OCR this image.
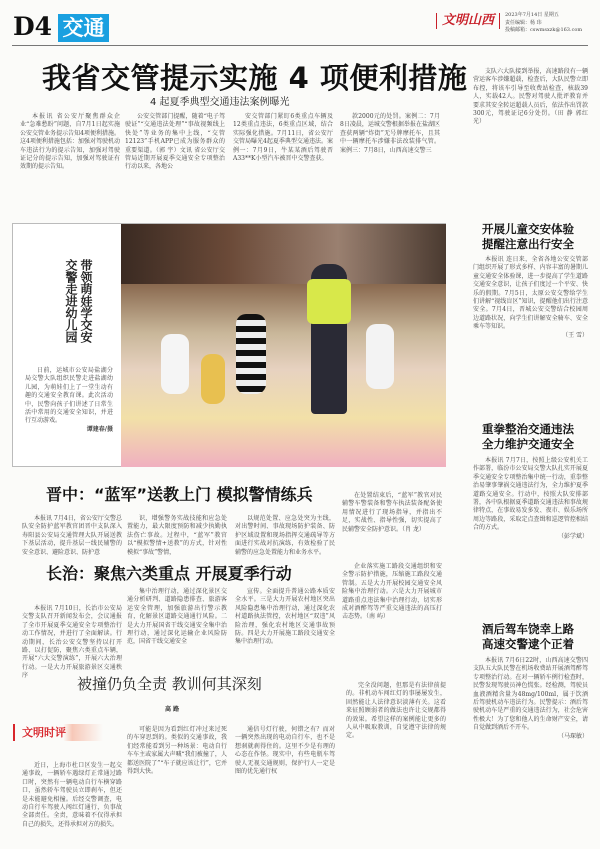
D4 交通	文明山西	2023年7月14日 星期五
责任编辑：杨 玮
投稿邮箱：cswmsxzk@163.com
我省交管提示实施 4 项便利措施
4 起夏季典型交通违法案例曝光

本报讯 省公安厅聚焦群众企业“急难愁盼”问题，自7月1日起实施公安交管业务提示告知4项便利措施。这4项便利措施包括：加强对驾驶机动车违法行为的提示告知，加强对驾驶证记分的提示告知，加强对驾驶证有效期的提示告知。

公安交管部门提醒，随着“电子驾驶证”“交通违法处理”“事故视频线上快处”等业务的集中上线，“交管12123”手机APP已成为服务群众的重要渠道。（郭 宇）文讯 省公安厅交管局近期开展夏季交通安全专项整治行动以来，各地公

安交管部门紧盯6类重点车辆及12类重点违法，6类重点区域，结合实际强化措施。7月11日，省公安厅交管局曝光4起夏季典型交通违法。案例一：7月9日，牛某某酒后驾驶晋A33**K小型汽车被晋中交警查获。

款2000元的处罚。案例二：7月8日凌晨，运城交警根据举报在盐湖区查获两辆“炸街”无号牌摩托车，且其中一辆摩托车涉嫌非法改装排气管。案例三：7月8日，山西高速交警三

支队六大队接到举报，高速路段有一辆营运客车涉嫌超载，检查后，大队民警立即布控，将该车引导至收费站检查，核载39人，实载42人。民警对驾驶人批评教育并要求其安全转运超载人员后，依法作出罚款300元，驾驶证记6分处罚。（田 静 郭红光）

带领萌娃学交安 交警走进幼儿园

日前，运城市公安局盐湖分局交警大队组织民警走进盐湖幼儿园，为萌娃们上了一堂生动有趣的交通安全教育课。此次活动中，民警向孩子们讲述了日常生活中常用的交通安全知识，并进行互动游戏。

谭建春/摄
开展儿童交安体验 提醒注意出行安全

本报讯 连日来，全省各地公安交管部门组织开展了形式多样、内容丰富的暑期儿童交通安全体验课，进一步提高了学生道路交通安全意识，让孩子们度过一个平安、快乐的假期。7月5日，太原公安交警给学生们讲解“视线盲区”知识，提醒他们出行注意安全。7月4日，晋城公安交警结合校园周边道路状况，向学生们讲解安全骑车、安全乘车等知识。

（王 雪）
重拳整治交通违法 全力维护交通安全

本报讯 7月7日，按照上级公安机关工作部署，临汾市公安局交警大队扎实开展夏季交通安全专项整治集中统一行动，重拳整治易肇事肇祸交通违法行为，全力维护夏季道路交通安全。行动中，按照大队安排部署，各中队根据夏季道路交通违法和事故规律特点，在事故易发多发、夜市、娱乐场所周边等路段，采取定点查缉和巡逻管控相结合的方式。

（彭学斌）
酒后驾车饶幸上路 高速交警逮个正着

本报讯 7月6日22时，山西高速交警四支队五大队民警在机场收费站开展酒驾醉驾专项整治行动。在对一辆轿车例行检查时，民警发现驾驶员神色慌张。经检测，驾驶员血液酒精含量为48mg/100ml，属于饮酒后驾驶机动车违法行为。民警提示：酒后驾驶机动车是严重的交通违法行为，社会危害性极大！为了您和他人的生命财产安全，请自觉做到酒后不开车。

（马琛敏）
晋中：“蓝军”送教上门 模拟警情练兵

本报讯 7月4日，省公安厅交警总队安全防护蓝军教官团晋中支队深入寿阳县公安局交通管理大队开展送教下基层活动，提升基层一线民辅警的安全意识、避险意识、防护意

识，增强警务实战技能和应急处置能力，最大限度预防和减少执勤执法伤亡事故。过程中，“蓝军”教官以“模拟警情+送教”的方式，针对性模拟“事故”警情，

以规范处置、应急处突为主线，对出警时间、事故现场防护装备、防护区域设置和现场指挥交通疏导等方面进行实战对抗演练，有效检验了民辅警的应急处置能力和业务水平。

在处置结束后，“蓝军”教官对民辅警车警装备和警车执法装备配备使用情况进行了现场指导，并指出不足，实战性、指导性强，切实提高了民辅警安全防护意识。（肖 龙）

长治：聚焦六类重点 开展夏季行动

本报讯 7月10日，长治市公安局交警支队召开新闻发布会，会议通报了全市开展夏季交通安全专项整治行动工作情况，并进行了全面解读。行动期间，长治公安交警坚持以打开路、以打促防，聚焦六类重点车辆，开展“六大交警演练”，开展六大治理行动。一是大力开展旅游景区交通秩序

集中治理行动，通过深化景区交通分析研判、道路隐患排查、旅游客运安全管理，加强旅游出行警示教育，化解景区道路交通通行风险。二是大力开展国省干线交通安全集中治理行动，通过深化运输企业风险防范，国省干线交通安全

宣传。全面提升普通公路本质安全水平。三是大力开展农村地区突出风险隐患集中治理行动，通过深化农村道路执法管控，农村地区“双违”风险治理，强化农村地区交通事故预防。四是大力开展施工路段交通安全集中治理行动。

企业落实施工路段交通组织和安全警示防护措施，压缩施工路段交通管制。五是大力开展校园交通安全风险集中治理行动。六是大力开展城市道路重点违法集中治理行动，切实形成对酒醉驾等严重交通违法的高压打击态势。（南 屿）

被撞仍负全责 教训何其深刻
高 路
文明时评

近日，上海市杜口区发生一起交通事故，一辆轿车遇绿灯正常通过路口时，突然有一辆电动自行车横穿路口，虽然轿车驾驶员立即刹车，但还是未能避免相撞。后经交警调查，电动自行车驾驶人闯红灯通行，负事故全部责任。全责，意味着不仅得承担自己的损失，还得承担对方的损失。

可能是因为看到红灯冲过来过死的车穿思到的。类似的交通事故，我们经常能看到另一种场景：电动自行车车主或家属大声喊“我们被撞了，人都送医院了”“车子就应该让行”，它并得到大快。

通信号灯行驶，何错之有？而对一辆突然出现的电动自行车，也不是想刹就刹得住的。这里不少是有理的心态在作怪。现实中，有些电瓶车驾驶人无视交通规则，保护行人一定是图的优先通行权

完全没问题，但那是有法律前提的。非机动车闯红灯的事屡屡发生，固然能让人法律意识淡薄有关。这看来征照顾弱者的做法也许让交规都得的效果。希望这样的案例能让更多的人从中吸取教训，自觉遵守法律的规定。
